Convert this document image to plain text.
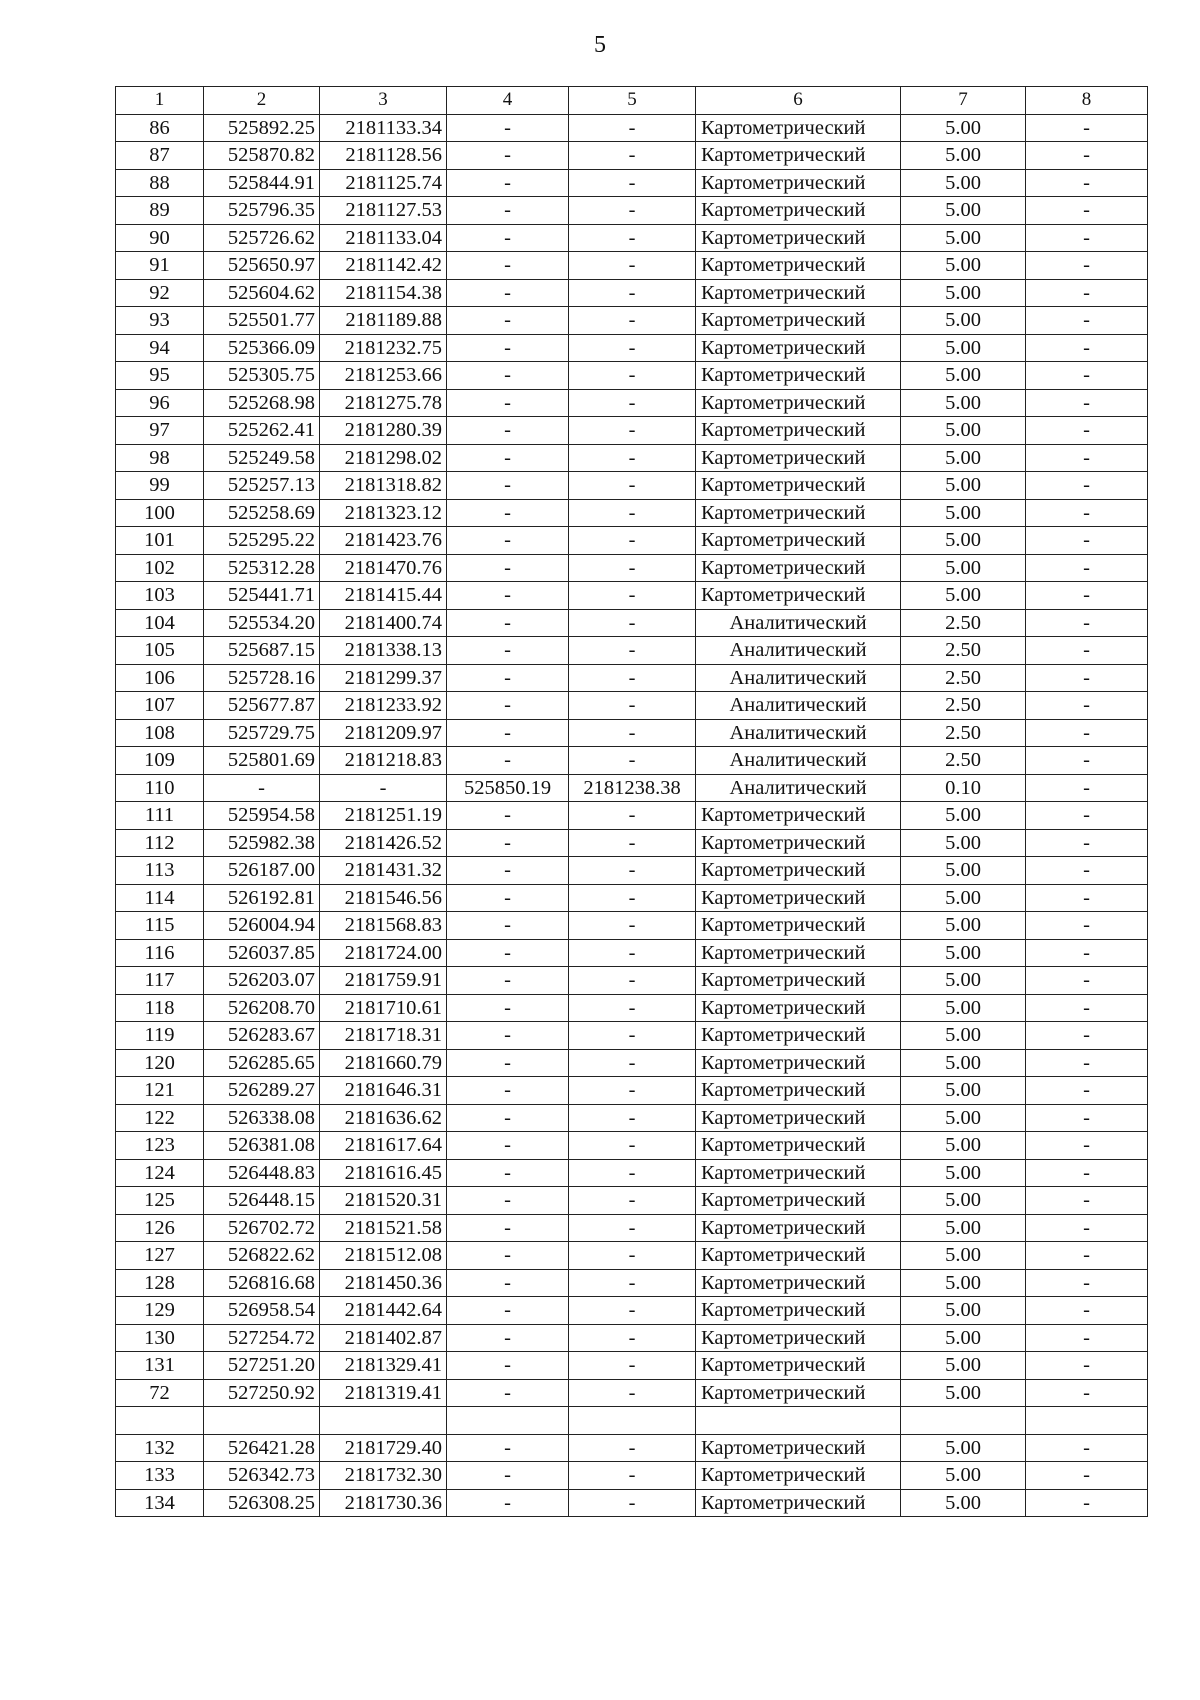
5
1	2	3	4	5	6	7	8
86	525892.25	2181133.34	-	-	Картометрический	5.00	-
87	525870.82	2181128.56	-	-	Картометрический	5.00	-
88	525844.91	2181125.74	-	-	Картометрический	5.00	-
89	525796.35	2181127.53	-	-	Картометрический	5.00	-
90	525726.62	2181133.04	-	-	Картометрический	5.00	-
91	525650.97	2181142.42	-	-	Картометрический	5.00	-
92	525604.62	2181154.38	-	-	Картометрический	5.00	-
93	525501.77	2181189.88	-	-	Картометрический	5.00	-
94	525366.09	2181232.75	-	-	Картометрический	5.00	-
95	525305.75	2181253.66	-	-	Картометрический	5.00	-
96	525268.98	2181275.78	-	-	Картометрический	5.00	-
97	525262.41	2181280.39	-	-	Картометрический	5.00	-
98	525249.58	2181298.02	-	-	Картометрический	5.00	-
99	525257.13	2181318.82	-	-	Картометрический	5.00	-
100	525258.69	2181323.12	-	-	Картометрический	5.00	-
101	525295.22	2181423.76	-	-	Картометрический	5.00	-
102	525312.28	2181470.76	-	-	Картометрический	5.00	-
103	525441.71	2181415.44	-	-	Картометрический	5.00	-
104	525534.20	2181400.74	-	-	Аналитический	2.50	-
105	525687.15	2181338.13	-	-	Аналитический	2.50	-
106	525728.16	2181299.37	-	-	Аналитический	2.50	-
107	525677.87	2181233.92	-	-	Аналитический	2.50	-
108	525729.75	2181209.97	-	-	Аналитический	2.50	-
109	525801.69	2181218.83	-	-	Аналитический	2.50	-
110	-	-	525850.19	2181238.38	Аналитический	0.10	-
111	525954.58	2181251.19	-	-	Картометрический	5.00	-
112	525982.38	2181426.52	-	-	Картометрический	5.00	-
113	526187.00	2181431.32	-	-	Картометрический	5.00	-
114	526192.81	2181546.56	-	-	Картометрический	5.00	-
115	526004.94	2181568.83	-	-	Картометрический	5.00	-
116	526037.85	2181724.00	-	-	Картометрический	5.00	-
117	526203.07	2181759.91	-	-	Картометрический	5.00	-
118	526208.70	2181710.61	-	-	Картометрический	5.00	-
119	526283.67	2181718.31	-	-	Картометрический	5.00	-
120	526285.65	2181660.79	-	-	Картометрический	5.00	-
121	526289.27	2181646.31	-	-	Картометрический	5.00	-
122	526338.08	2181636.62	-	-	Картометрический	5.00	-
123	526381.08	2181617.64	-	-	Картометрический	5.00	-
124	526448.83	2181616.45	-	-	Картометрический	5.00	-
125	526448.15	2181520.31	-	-	Картометрический	5.00	-
126	526702.72	2181521.58	-	-	Картометрический	5.00	-
127	526822.62	2181512.08	-	-	Картометрический	5.00	-
128	526816.68	2181450.36	-	-	Картометрический	5.00	-
129	526958.54	2181442.64	-	-	Картометрический	5.00	-
130	527254.72	2181402.87	-	-	Картометрический	5.00	-
131	527251.20	2181329.41	-	-	Картометрический	5.00	-
72	527250.92	2181319.41	-	-	Картометрический	5.00	-

132	526421.28	2181729.40	-	-	Картометрический	5.00	-
133	526342.73	2181732.30	-	-	Картометрический	5.00	-
134	526308.25	2181730.36	-	-	Картометрический	5.00	-
